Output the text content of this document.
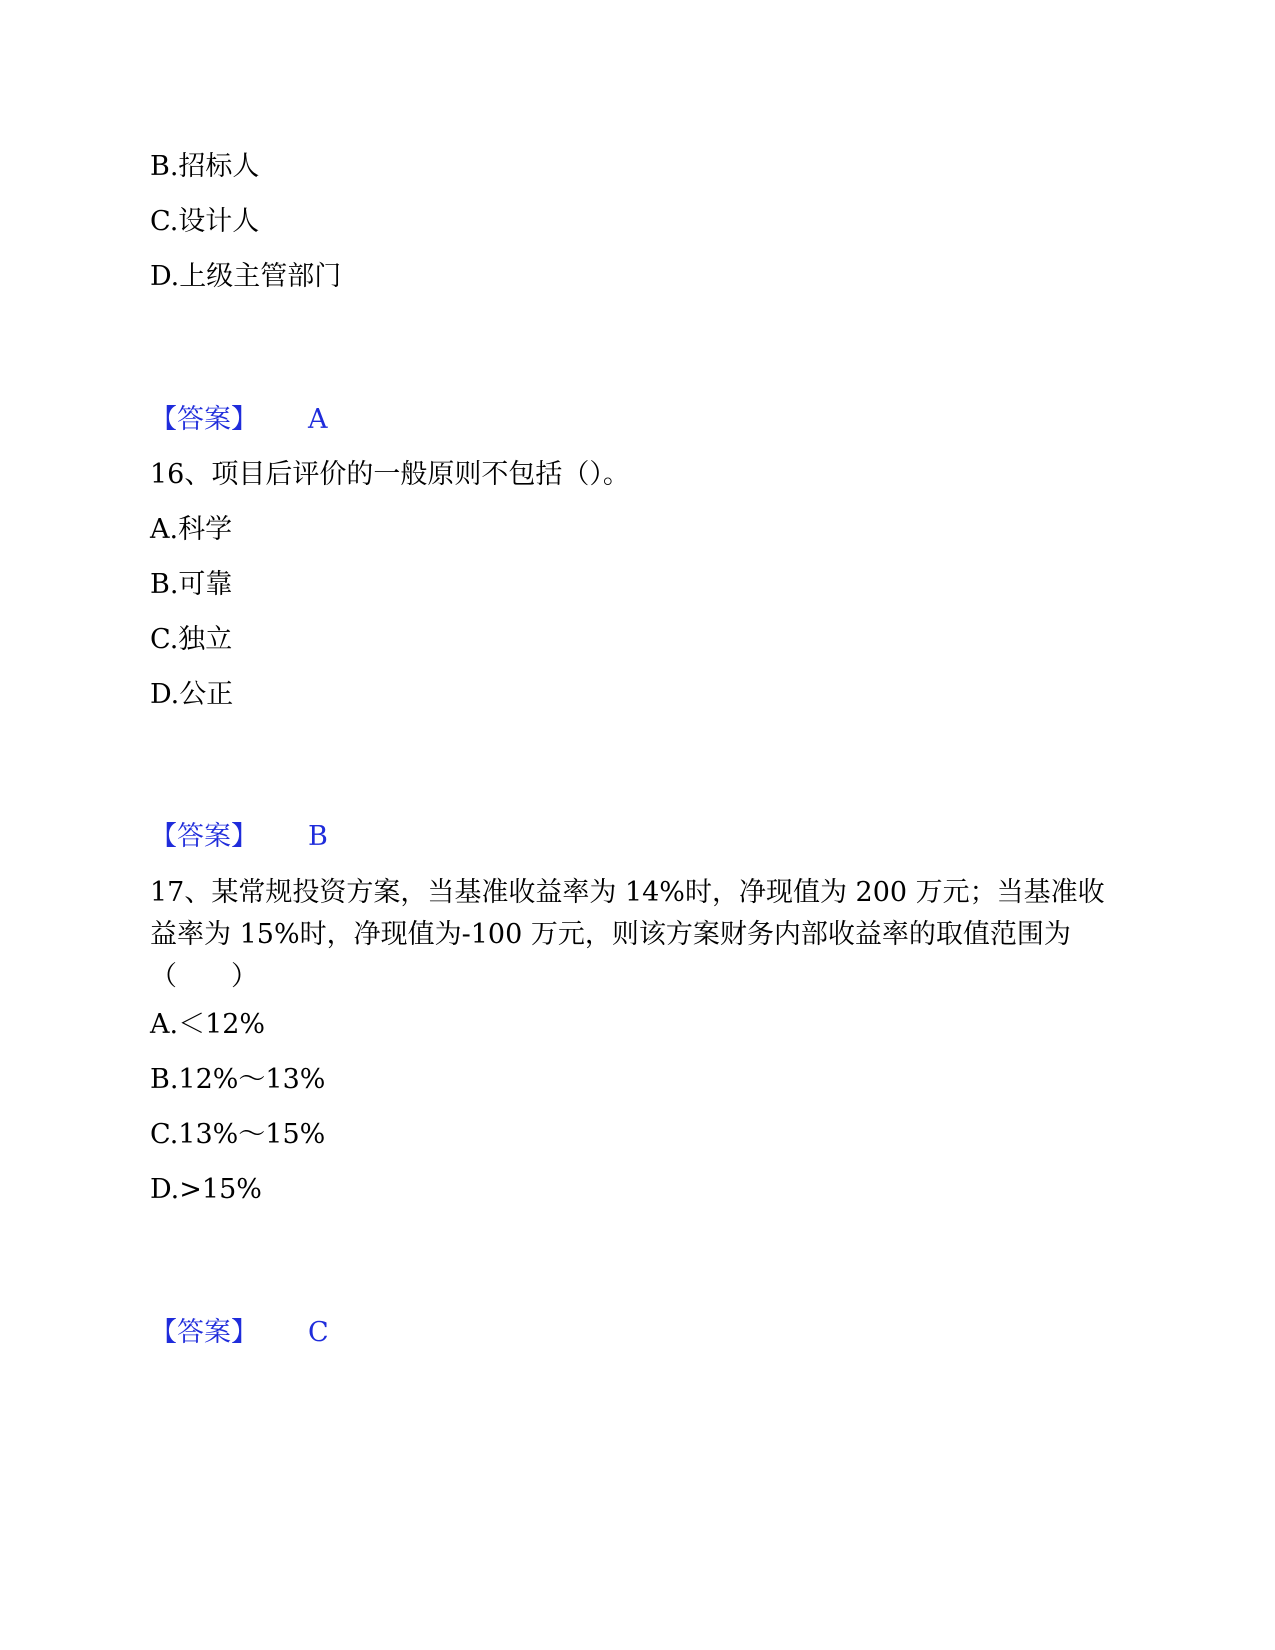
B.招标人
C.设计人
D.上级主管部门
【答案】 A
16、项目后评价的一般原则不包括（）。
A.科学
B.可靠
C.独立
D.公正
【答案】 B
17、某常规投资方案，当基准收益率为 14%时，净现值为 200 万元；当基准收益率为 15%时，净现值为-100 万元，则该方案财务内部收益率的取值范围为（　　）
A.＜12%
B.12%～13%
C.13%～15%
D.>15%
【答案】 C
